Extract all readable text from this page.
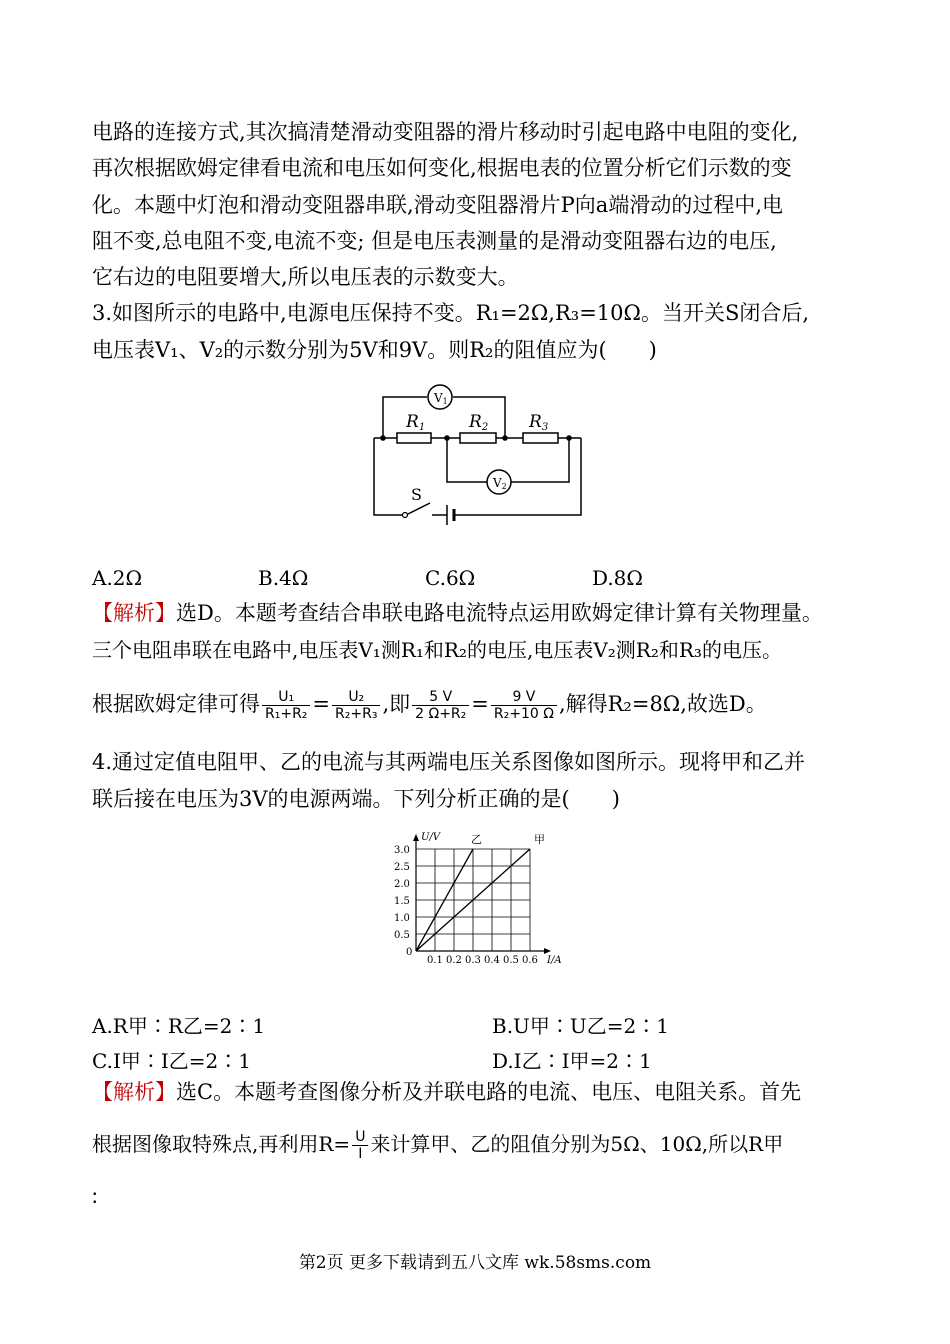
电路的连接方式,其次搞清楚滑动变阻器的滑片移动时引起电路中电阻的变化,
再次根据欧姆定律看电流和电压如何变化,根据电表的位置分析它们示数的变
化。本题中灯泡和滑动变阻器串联,滑动变阻器滑片P向a端滑动的过程中,电
阻不变,总电阻不变,电流不变; 但是电压表测量的是滑动变阻器右边的电压,
它右边的电阻要增大,所以电压表的示数变大。
3.如图所示的电路中,电源电压保持不变。R₁=2Ω,R₃=10Ω。当开关S闭合后,
电压表V₁、V₂的示数分别为5V和9V。则R₂的阻值应为(　　)
R1	R2 R3
V1
V2
S
A.2Ω	B.4Ω	C.6Ω	D.8Ω
【解析】选D。本题考查结合串联电路电流特点运用欧姆定律计算有关物理量。
三个电阻串联在电路中,电压表V₁测R₁和R₂的电压,电压表V₂测R₂和R₃的电压。
根据欧姆定律可得 $\frac{\text{U₁}}{\text{R₁+R₂}} = \frac{\text{U₂}}{\text{R₂+R₃}}$ ,即 $\frac{5 V}{\text{2 Ω+R₂}} = \frac{9 V}{\text{R₂+10 Ω}}$ ,解得R₂=8Ω,故选D。
4.通过定值电阻甲、乙的电流与其两端电压关系图像如图所示。现将甲和乙并
联后接在电压为3V的电源两端。下列分析正确的是(　　)
乙	甲
0.1 0.2 0.3 0.4 0.5 0.6
0.5
1.0
1.5
2.0
2.5
3.0
0
U/V
I/A
A.R甲∶R乙=2∶1	B.U甲∶U乙=2∶1
C.I甲∶I乙=2∶1	D.I乙∶I甲=2∶1
【解析】选C。本题考查图像分析及并联电路的电流、电压、电阻关系。首先
根据图像取特殊点,再利用$R= \frac{U}{I}$ 来计算甲、乙的阻值分别为5Ω、10Ω,所以R甲
∶
第2页 更多下载请到五八文库 wk.58sms.com
